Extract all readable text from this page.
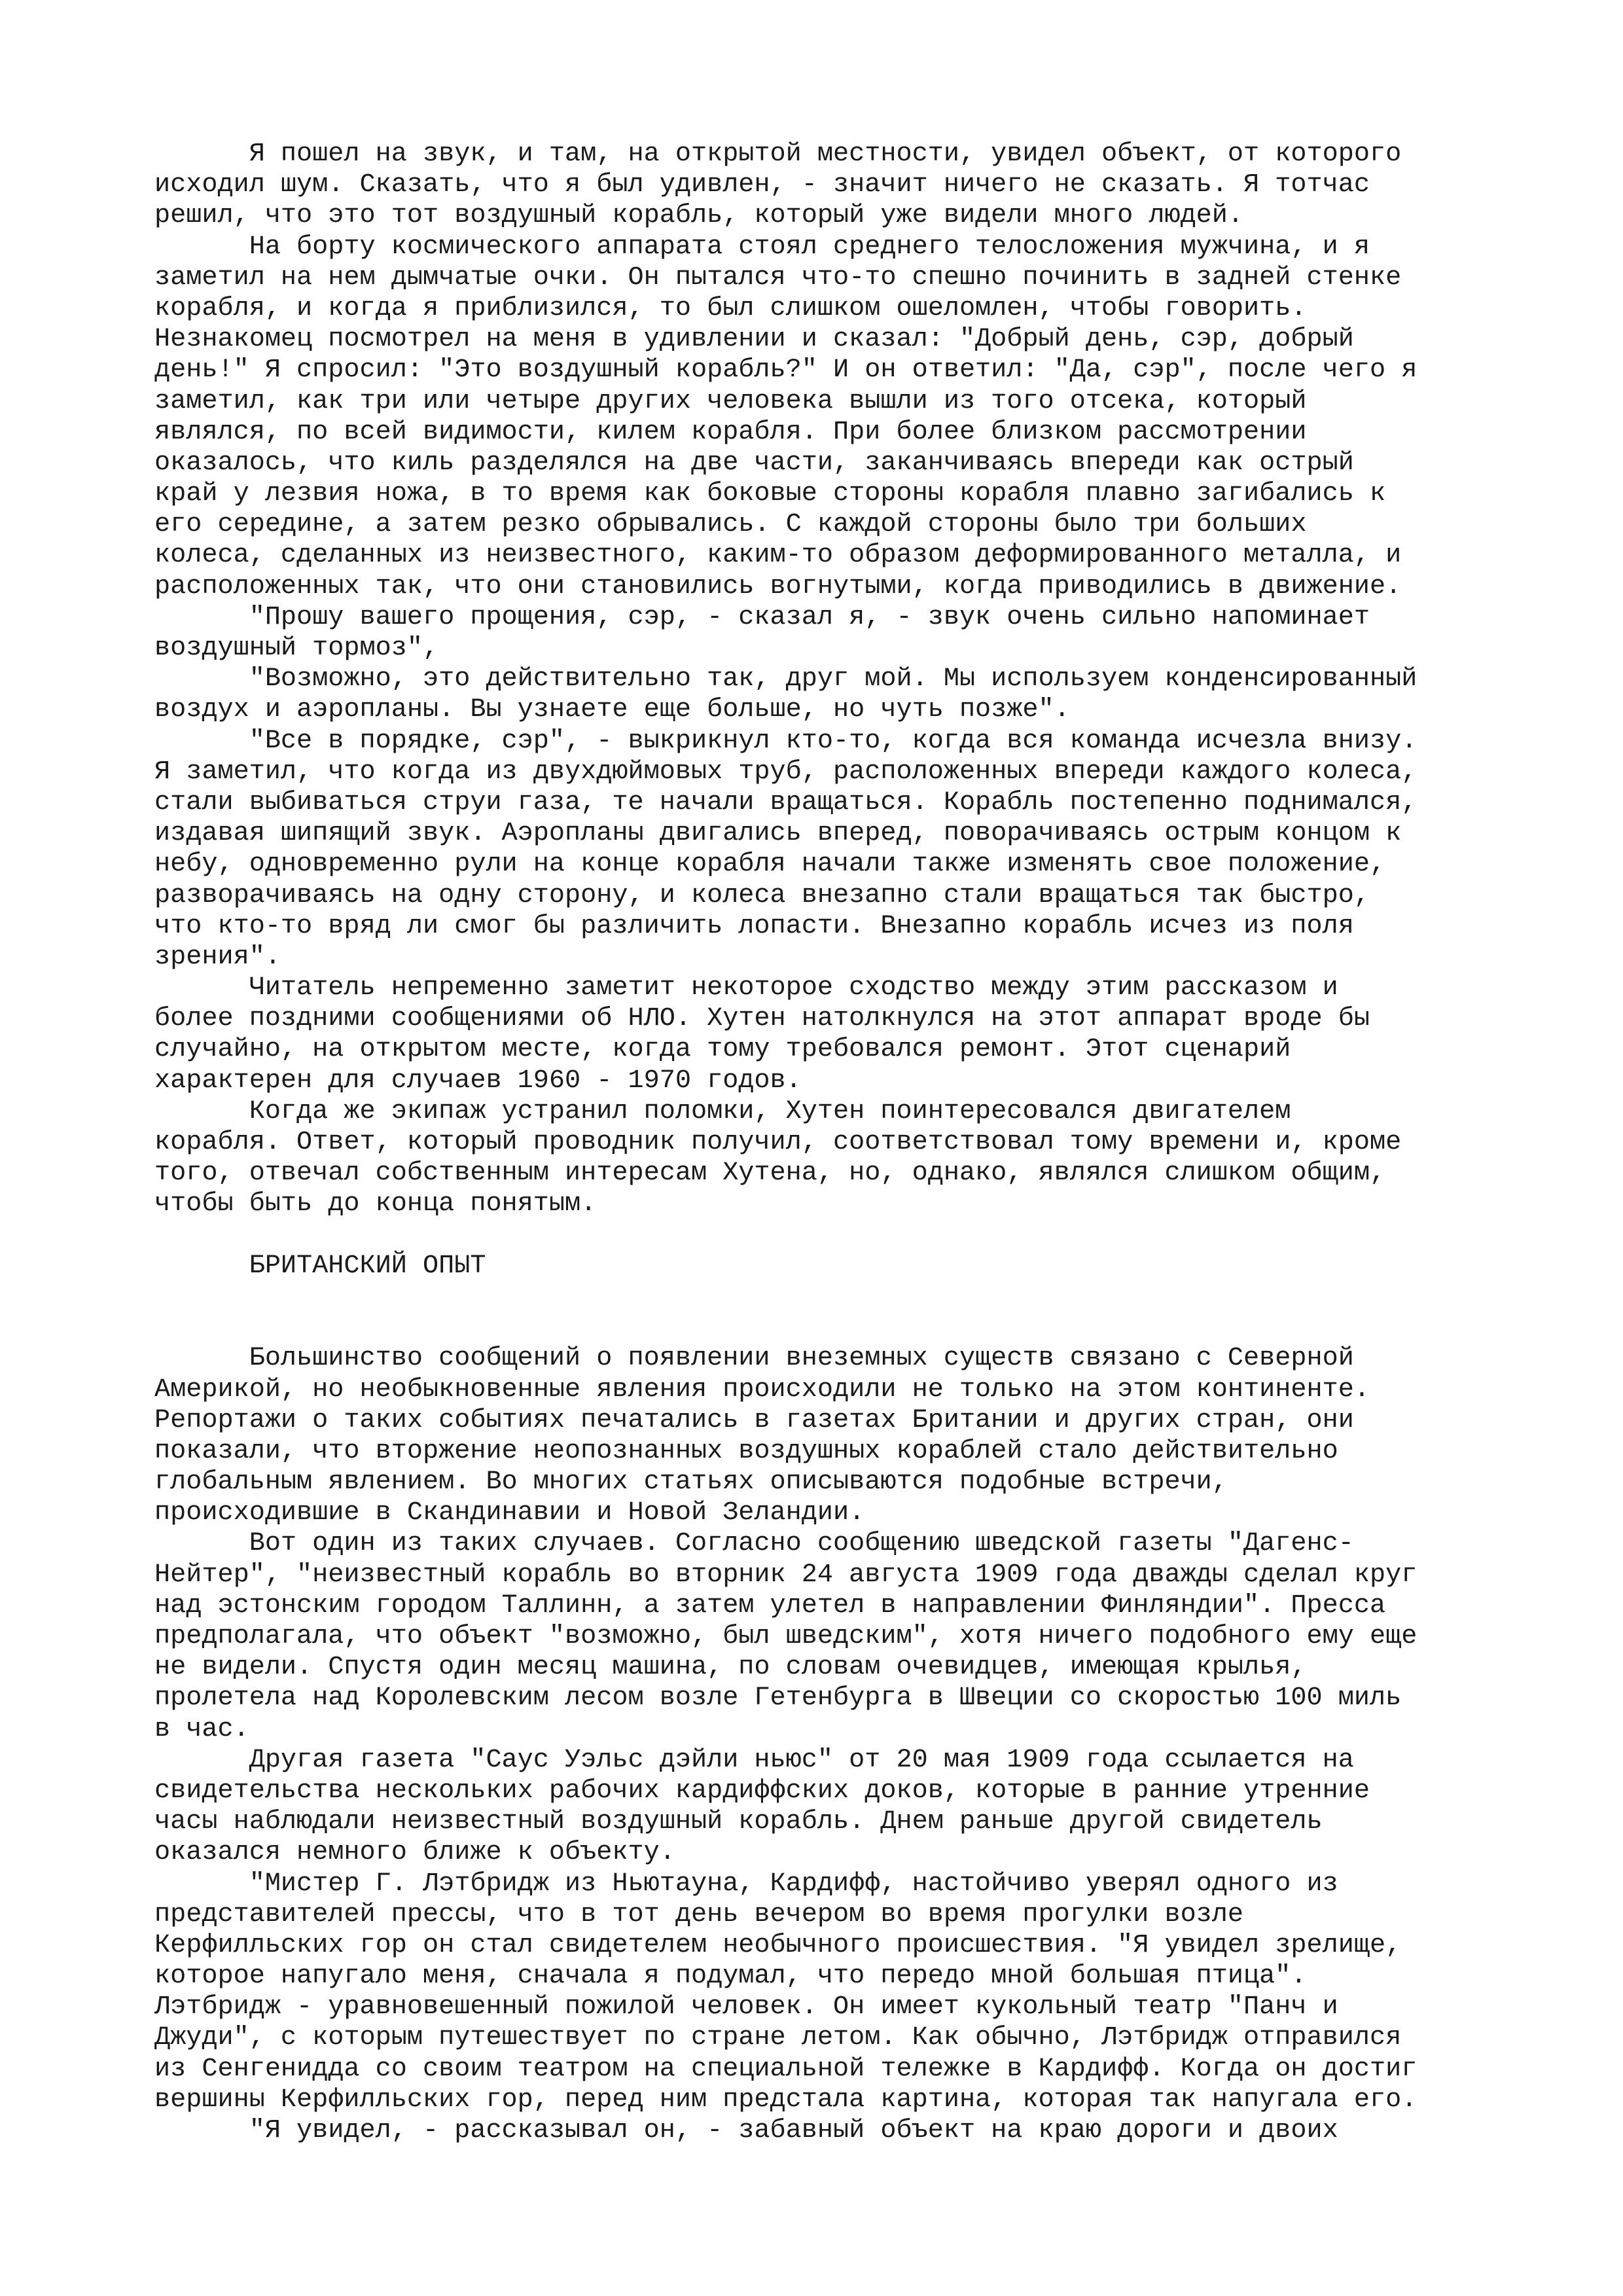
Я пошел на звук, и там, на открытой местности, увидел объект, от которого
исходил шум. Сказать, что я был удивлен, - значит ничего не сказать. Я тотчас
решил, что это тот воздушный корабль, который уже видели много людей.
На борту космического аппарата стоял среднего телосложения мужчина, и я
заметил на нем дымчатые очки. Он пытался что-то спешно починить в задней стенке
корабля, и когда я приблизился, то был слишком ошеломлен, чтобы говорить.
Незнакомец посмотрел на меня в удивлении и сказал: "Добрый день, сэр, добрый
день!" Я спросил: "Это воздушный корабль?" И он ответил: "Да, сэр", после чего я
заметил, как три или четыре других человека вышли из того отсека, который
являлся, по всей видимости, килем корабля. При более близком рассмотрении
оказалось, что киль разделялся на две части, заканчиваясь впереди как острый
край у лезвия ножа, в то время как боковые стороны корабля плавно загибались к
его середине, а затем резко обрывались. С каждой стороны было три больших
колеса, сделанных из неизвестного, каким-то образом деформированного металла, и
расположенных так, что они становились вогнутыми, когда приводились в движение.
"Прошу вашего прощения, сэр, - сказал я, - звук очень сильно напоминает
воздушный тормоз",
"Возможно, это действительно так, друг мой. Мы используем конденсированный
воздух и аэропланы. Вы узнаете еще больше, но чуть позже".
"Все в порядке, сэр", - выкрикнул кто-то, когда вся команда исчезла внизу.
Я заметил, что когда из двухдюймовых труб, расположенных впереди каждого колеса,
стали выбиваться струи газа, те начали вращаться. Корабль постепенно поднимался,
издавая шипящий звук. Аэропланы двигались вперед, поворачиваясь острым концом к
небу, одновременно рули на конце корабля начали также изменять свое положение,
разворачиваясь на одну сторону, и колеса внезапно стали вращаться так быстро,
что кто-то вряд ли смог бы различить лопасти. Внезапно корабль исчез из поля
зрения".
Читатель непременно заметит некоторое сходство между этим рассказом и
более поздними сообщениями об НЛО. Хутен натолкнулся на этот аппарат вроде бы
случайно, на открытом месте, когда тому требовался ремонт. Этот сценарий
характерен для случаев 1960 - 1970 годов.
Когда же экипаж устранил поломки, Хутен поинтересовался двигателем
корабля. Ответ, который проводник получил, соответствовал тому времени и, кроме
того, отвечал собственным интересам Хутена, но, однако, являлся слишком общим,
чтобы быть до конца понятым.
БРИТАНСКИЙ ОПЫТ
Большинство сообщений о появлении внеземных существ связано с Северной
Америкой, но необыкновенные явления происходили не только на этом континенте.
Репортажи о таких событиях печатались в газетах Британии и других стран, они
показали, что вторжение неопознанных воздушных кораблей стало действительно
глобальным явлением. Во многих статьях описываются подобные встречи,
происходившие в Скандинавии и Новой Зеландии.
Вот один из таких случаев. Согласно сообщению шведской газеты "Дагенс-
Нейтер", "неизвестный корабль во вторник 24 августа 1909 года дважды сделал круг
над эстонским городом Таллинн, а затем улетел в направлении Финляндии". Пресса
предполагала, что объект "возможно, был шведским", хотя ничего подобного ему еще
не видели. Спустя один месяц машина, по словам очевидцев, имеющая крылья,
пролетела над Королевским лесом возле Гетенбурга в Швеции со скоростью 100 миль
в час.
Другая газета "Саус Уэльс дэйли ньюс" от 20 мая 1909 года ссылается на
свидетельства нескольких рабочих кардиффских доков, которые в ранние утренние
часы наблюдали неизвестный воздушный корабль. Днем раньше другой свидетель
оказался немного ближе к объекту.
"Мистер Г. Лэтбридж из Ньютауна, Кардифф, настойчиво уверял одного из
представителей прессы, что в тот день вечером во время прогулки возле
Керфилльских гор он стал свидетелем необычного происшествия. "Я увидел зрелище,
которое напугало меня, сначала я подумал, что передо мной большая птица".
Лэтбридж - уравновешенный пожилой человек. Он имеет кукольный театр "Панч и
Джуди", с которым путешествует по стране летом. Как обычно, Лэтбридж отправился
из Сенгенидда со своим театром на специальной тележке в Кардифф. Когда он достиг
вершины Керфилльских гор, перед ним предстала картина, которая так напугала его.
"Я увидел, - рассказывал он, - забавный объект на краю дороги и двоих
